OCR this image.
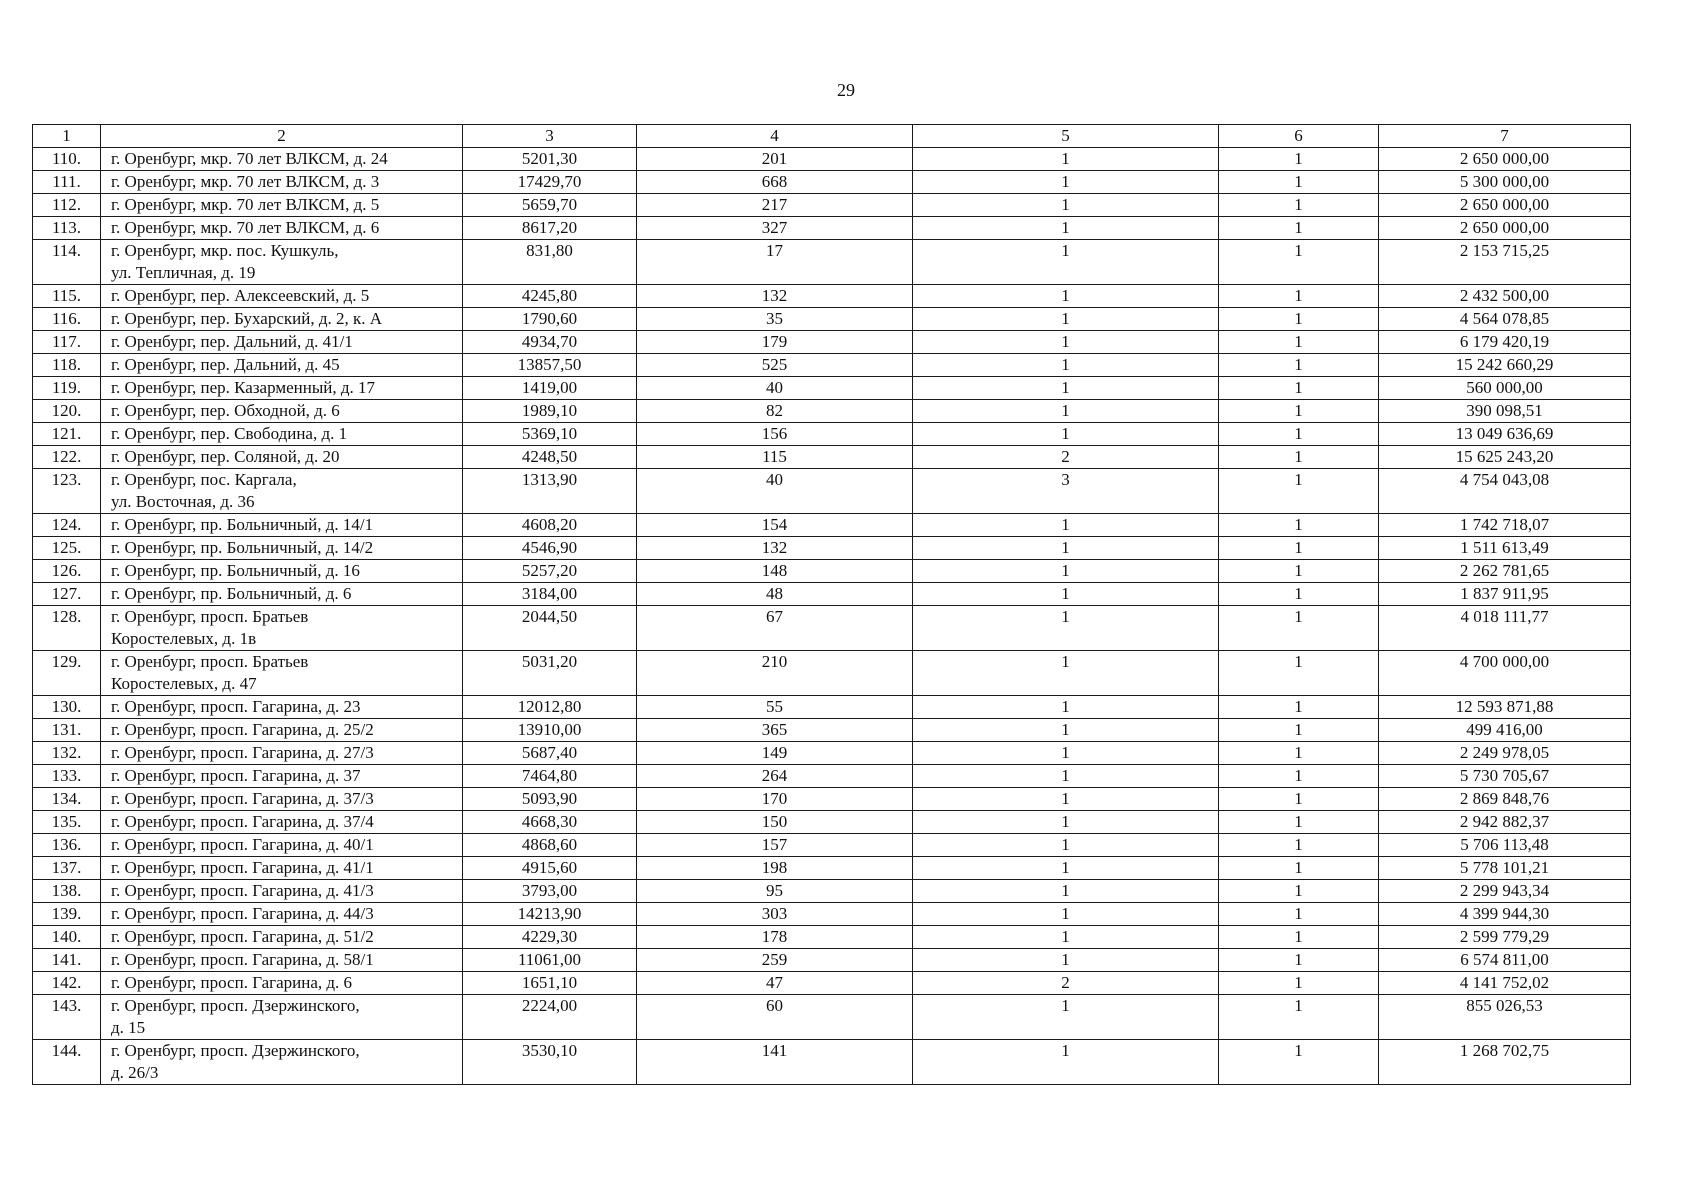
29
1	2	3	4	5	6	7
110.	г. Оренбург, мкр. 70 лет ВЛКСМ, д. 24	5201,30	201	1	1	2 650 000,00
111.	г. Оренбург, мкр. 70 лет ВЛКСМ, д. 3	17429,70	668	1	1	5 300 000,00
112.	г. Оренбург, мкр. 70 лет ВЛКСМ, д. 5	5659,70	217	1	1	2 650 000,00
113.	г. Оренбург, мкр. 70 лет ВЛКСМ, д. 6	8617,20	327	1	1	2 650 000,00
114.	г. Оренбург, мкр. пос. Кушкуль,
ул. Тепличная, д. 19	831,80	17	1	1	2 153 715,25
115.	г. Оренбург, пер. Алексеевский, д. 5	4245,80	132	1	1	2 432 500,00
116.	г. Оренбург, пер. Бухарский, д. 2, к. А	1790,60	35	1	1	4 564 078,85
117.	г. Оренбург, пер. Дальний, д. 41/1	4934,70	179	1	1	6 179 420,19
118.	г. Оренбург, пер. Дальний, д. 45	13857,50	525	1	1	15 242 660,29
119.	г. Оренбург, пер. Казарменный, д. 17	1419,00	40	1	1	560 000,00
120.	г. Оренбург, пер. Обходной, д. 6	1989,10	82	1	1	390 098,51
121.	г. Оренбург, пер. Свободина, д. 1	5369,10	156	1	1	13 049 636,69
122.	г. Оренбург, пер. Соляной, д. 20	4248,50	115	2	1	15 625 243,20
123.	г. Оренбург, пос. Каргала,
ул. Восточная, д. 36	1313,90	40	3	1	4 754 043,08
124.	г. Оренбург, пр. Больничный, д. 14/1	4608,20	154	1	1	1 742 718,07
125.	г. Оренбург, пр. Больничный, д. 14/2	4546,90	132	1	1	1 511 613,49
126.	г. Оренбург, пр. Больничный, д. 16	5257,20	148	1	1	2 262 781,65
127.	г. Оренбург, пр. Больничный, д. 6	3184,00	48	1	1	1 837 911,95
128.	г. Оренбург, просп. Братьев
Коростелевых, д. 1в	2044,50	67	1	1	4 018 111,77
129.	г. Оренбург, просп. Братьев
Коростелевых, д. 47	5031,20	210	1	1	4 700 000,00
130.	г. Оренбург, просп. Гагарина, д. 23	12012,80	55	1	1	12 593 871,88
131.	г. Оренбург, просп. Гагарина, д. 25/2	13910,00	365	1	1	499 416,00
132.	г. Оренбург, просп. Гагарина, д. 27/3	5687,40	149	1	1	2 249 978,05
133.	г. Оренбург, просп. Гагарина, д. 37	7464,80	264	1	1	5 730 705,67
134.	г. Оренбург, просп. Гагарина, д. 37/3	5093,90	170	1	1	2 869 848,76
135.	г. Оренбург, просп. Гагарина, д. 37/4	4668,30	150	1	1	2 942 882,37
136.	г. Оренбург, просп. Гагарина, д. 40/1	4868,60	157	1	1	5 706 113,48
137.	г. Оренбург, просп. Гагарина, д. 41/1	4915,60	198	1	1	5 778 101,21
138.	г. Оренбург, просп. Гагарина, д. 41/3	3793,00	95	1	1	2 299 943,34
139.	г. Оренбург, просп. Гагарина, д. 44/3	14213,90	303	1	1	4 399 944,30
140.	г. Оренбург, просп. Гагарина, д. 51/2	4229,30	178	1	1	2 599 779,29
141.	г. Оренбург, просп. Гагарина, д. 58/1	11061,00	259	1	1	6 574 811,00
142.	г. Оренбург, просп. Гагарина, д. 6	1651,10	47	2	1	4 141 752,02
143.	г. Оренбург, просп. Дзержинского,
д. 15	2224,00	60	1	1	855 026,53
144.	г. Оренбург, просп. Дзержинского,
д. 26/3	3530,10	141	1	1	1 268 702,75
